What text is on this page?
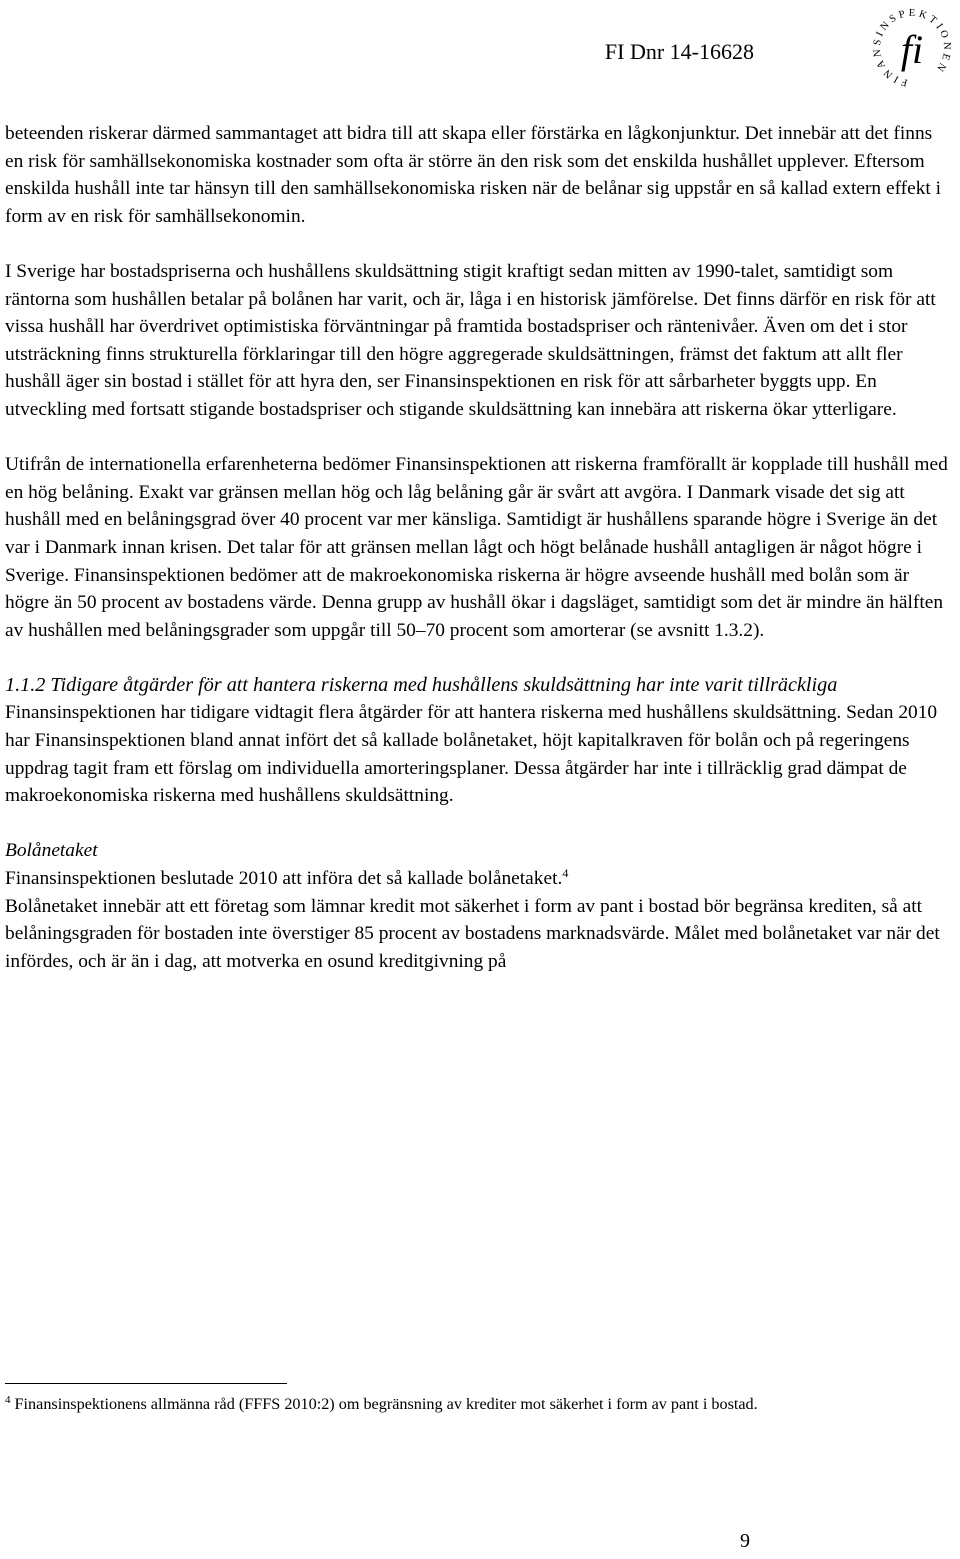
FI Dnr 14-16628
FINANSINSPEKTIONEN
fi

beteenden riskerar därmed sammantaget att bidra till att skapa eller förstärka en lågkonjunktur. Det innebär att det finns en risk för samhällsekonomiska kostnader som ofta är större än den risk som det enskilda hushållet upplever. Eftersom enskilda hushåll inte tar hänsyn till den samhällsekonomiska risken när de belånar sig uppstår en så kallad extern effekt i form av en risk för samhällsekonomin.

I Sverige har bostadspriserna och hushållens skuldsättning stigit kraftigt sedan mitten av 1990-talet, samtidigt som räntorna som hushållen betalar på bolånen har varit, och är, låga i en historisk jämförelse. Det finns därför en risk för att vissa hushåll har överdrivet optimistiska förväntningar på framtida bostadspriser och räntenivåer. Även om det i stor utsträckning finns strukturella förklaringar till den högre aggregerade skuldsättningen, främst det faktum att allt fler hushåll äger sin bostad i stället för att hyra den, ser Finansinspektionen en risk för att sårbarheter byggts upp. En utveckling med fortsatt stigande bostadspriser och stigande skuldsättning kan innebära att riskerna ökar ytterligare.

Utifrån de internationella erfarenheterna bedömer Finansinspektionen att riskerna framförallt är kopplade till hushåll med en hög belåning. Exakt var gränsen mellan hög och låg belåning går är svårt att avgöra. I Danmark visade det sig att hushåll med en belåningsgrad över 40 procent var mer känsliga. Samtidigt är hushållens sparande högre i Sverige än det var i Danmark innan krisen. Det talar för att gränsen mellan lågt och högt belånade hushåll antagligen är något högre i Sverige. Finansinspektionen bedömer att de makroekonomiska riskerna är högre avseende hushåll med bolån som är högre än 50 procent av bostadens värde. Denna grupp av hushåll ökar i dagsläget, samtidigt som det är mindre än hälften av hushållen med belåningsgrader som uppgår till 50–70 procent som amorterar (se avsnitt 1.3.2).

1.1.2 Tidigare åtgärder för att hantera riskerna med hushållens skuldsättning har inte varit tillräckliga

Finansinspektionen har tidigare vidtagit flera åtgärder för att hantera riskerna med hushållens skuldsättning. Sedan 2010 har Finansinspektionen bland annat infört det så kallade bolånetaket, höjt kapitalkraven för bolån och på regeringens uppdrag tagit fram ett förslag om individuella amorteringsplaner. Dessa åtgärder har inte i tillräcklig grad dämpat de makroekonomiska riskerna med hushållens skuldsättning.

Bolånetaket

Finansinspektionen beslutade 2010 att införa det så kallade bolånetaket.$^4$
Bolånetaket innebär att ett företag som lämnar kredit mot säkerhet i form av pant i bostad bör begränsa krediten, så att belåningsgraden för bostaden inte överstiger 85 procent av bostadens marknadsvärde. Målet med bolånetaket var när det infördes, och är än i dag, att motverka en osund kreditgivning på

$^4$ Finansinspektionens allmänna råd (FFFS 2010:2) om begränsning av krediter mot säkerhet i form av pant i bostad.
9
